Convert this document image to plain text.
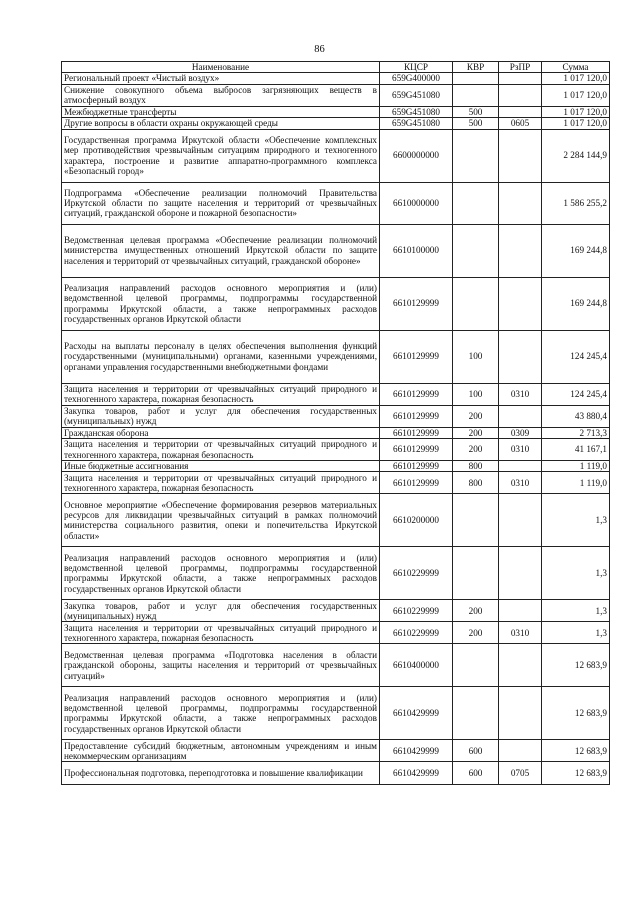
86
Наименование	КЦСР	КВР	РзПР	Сумма
Региональный проект «Чистый воздух»	659G400000			1 017 120,0
Снижение совокупного объема выбросов загрязняющих веществ в атмосферный воздух	659G451080			1 017 120,0
Межбюджетные трансферты	659G451080	500		1 017 120,0
Другие вопросы в области охраны окружающей среды	659G451080	500	0605	1 017 120,0
Государственная программа Иркутской области «Обеспечение комплексных мер противодействия чрезвычайным ситуациям природного и техногенного характера, построение и развитие аппаратно-программного комплекса «Безопасный город»	6600000000			2 284 144,9
Подпрограмма «Обеспечение реализации полномочий Правительства Иркутской области по защите населения и территорий от чрезвычайных ситуаций, гражданской обороне и пожарной безопасности»	6610000000			1 586 255,2
Ведомственная целевая программа «Обеспечение реализации полномочий министерства имущественных отношений Иркутской области по защите населения и территорий от чрезвычайных ситуаций, гражданской обороне»	6610100000			169 244,8
Реализация направлений расходов основного мероприятия и (или) ведомственной целевой программы, подпрограммы государственной программы Иркутской области, а также непрограммных расходов государственных органов Иркутской области	6610129999			169 244,8
Расходы на выплаты персоналу в целях обеспечения выполнения функций государственными (муниципальными) органами, казенными учреждениями, органами управления государственными внебюджетными фондами	6610129999	100		124 245,4
Защита населения и территории от чрезвычайных ситуаций природного и техногенного характера, пожарная безопасность	6610129999	100	0310	124 245,4
Закупка товаров, работ и услуг для обеспечения государственных (муниципальных) нужд	6610129999	200		43 880,4
Гражданская оборона	6610129999	200	0309	2 713,3
Защита населения и территории от чрезвычайных ситуаций природного и техногенного характера, пожарная безопасность	6610129999	200	0310	41 167,1
Иные бюджетные ассигнования	6610129999	800		1 119,0
Защита населения и территории от чрезвычайных ситуаций природного и техногенного характера, пожарная безопасность	6610129999	800	0310	1 119,0
Основное мероприятие «Обеспечение формирования резервов материальных ресурсов для ликвидации чрезвычайных ситуаций в рамках полномочий министерства социального развития, опеки и попечительства Иркутской области»	6610200000			1,3
Реализация направлений расходов основного мероприятия и (или) ведомственной целевой программы, подпрограммы государственной программы Иркутской области, а также непрограммных расходов государственных органов Иркутской области	6610229999			1,3
Закупка товаров, работ и услуг для обеспечения государственных (муниципальных) нужд	6610229999	200		1,3
Защита населения и территории от чрезвычайных ситуаций природного и техногенного характера, пожарная безопасность	6610229999	200	0310	1,3
Ведомственная целевая программа «Подготовка населения в области гражданской обороны, защиты населения и территорий от чрезвычайных ситуаций»	6610400000			12 683,9
Реализация направлений расходов основного мероприятия и (или) ведомственной целевой программы, подпрограммы государственной программы Иркутской области, а также непрограммных расходов государственных органов Иркутской области	6610429999			12 683,9
Предоставление субсидий бюджетным, автономным учреждениям и иным некоммерческим организациям	6610429999	600		12 683,9
Профессиональная подготовка, переподготовка и повышение квалификации	6610429999	600	0705	12 683,9
